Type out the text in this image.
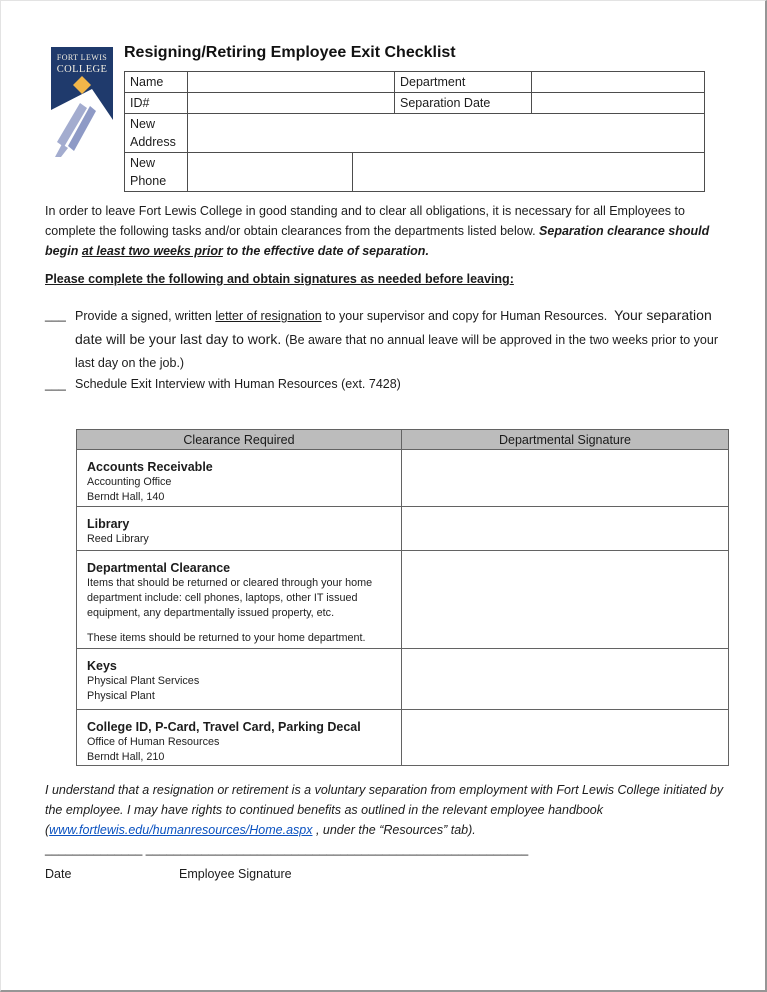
FORT LEWIS
COLLEGE
Resigning/Retiring Employee Exit Checklist
Name			Department	
ID#			Separation Date	
New Address				
New Phone				
In order to leave Fort Lewis College in good standing and to clear all obligations, it is necessary for all Employees to complete the following tasks and/or obtain clearances from the departments listed below. Separation clearance should begin at least two weeks prior to the effective date of separation.
Please complete the following and obtain signatures as needed before leaving:
___ Provide a signed, written letter of resignation to your supervisor and copy for Human Resources.  Your separation date will be your last day to work. (Be aware that no annual leave will be approved in the two weeks prior to your last day on the job.)
___ Schedule Exit Interview with Human Resources (ext. 7428)
Clearance Required	Departmental Signature

Accounts Receivable
Accounting Office
Berndt Hall, 140	

Library
Reed Library	

Departmental Clearance
Items that should be returned or cleared through your home department include: cell phones, laptops, other IT issued equipment, any departmentally issued property, etc.
These items should be returned to your home department.	

Keys
Physical Plant Services
Physical Plant	

College ID, P-Card, Travel Card, Parking Decal
Office of Human Resources
Berndt Hall, 210	

I understand that a resignation or retirement is a voluntary separation from employment with Fort Lewis College initiated by the employee. I may have rights to continued benefits as outlined in the relevant employee handbook (www.fortlewis.edu/humanresources/Home.aspx , under the “Resources” tab).
______________ _______________________________________________________
Date	Employee Signature
